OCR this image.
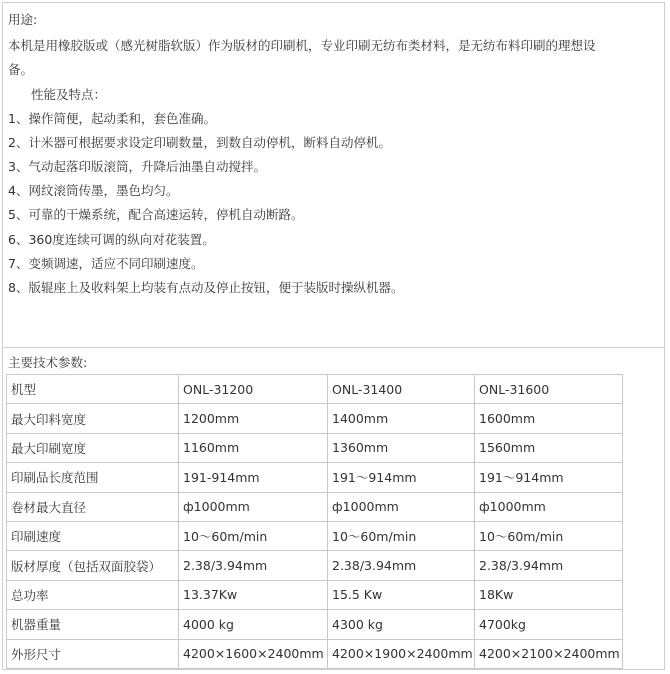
用途:
本机是用橡胶版或（感光树脂软版）作为版材的印刷机，专业印刷无纺布类材料，是无纺布料印刷的理想设
备。
性能及特点：
1、操作简便，起动柔和，套色准确。
2、计米器可根据要求设定印刷数量，到数自动停机，断料自动停机。
3、气动起落印版滚筒，升降后油墨自动搅拌。
4、网纹滚筒传墨，墨色均匀。
5、可靠的干燥系统，配合高速运转，停机自动断路。
6、360度连续可调的纵向对花装置。
7、变频调速，适应不同印刷速度。
8、版辊座上及收料架上均装有点动及停止按钮，便于装版时操纵机器。
主要技术参数:
机型	ONL-31200	ONL-31400	ONL-31600
最大印料宽度	1200mm	1400mm	1600mm
最大印刷宽度	1160mm	1360mm	1560mm
印刷品长度范围	191-914mm	191～914mm	191～914mm
卷材最大直径	ф1000mm	ф1000mm	ф1000mm
印刷速度	10～60m/min	10～60m/min	10～60m/min
版材厚度（包括双面胶袋）	2.38/3.94mm	2.38/3.94mm	2.38/3.94mm
总功率	13.37Kw	15.5 Kw	18Kw
机器重量	4000 kg	4300 kg	4700kg
外形尺寸	4200×1600×2400mm	4200×1900×2400mm	4200×2100×2400mm
